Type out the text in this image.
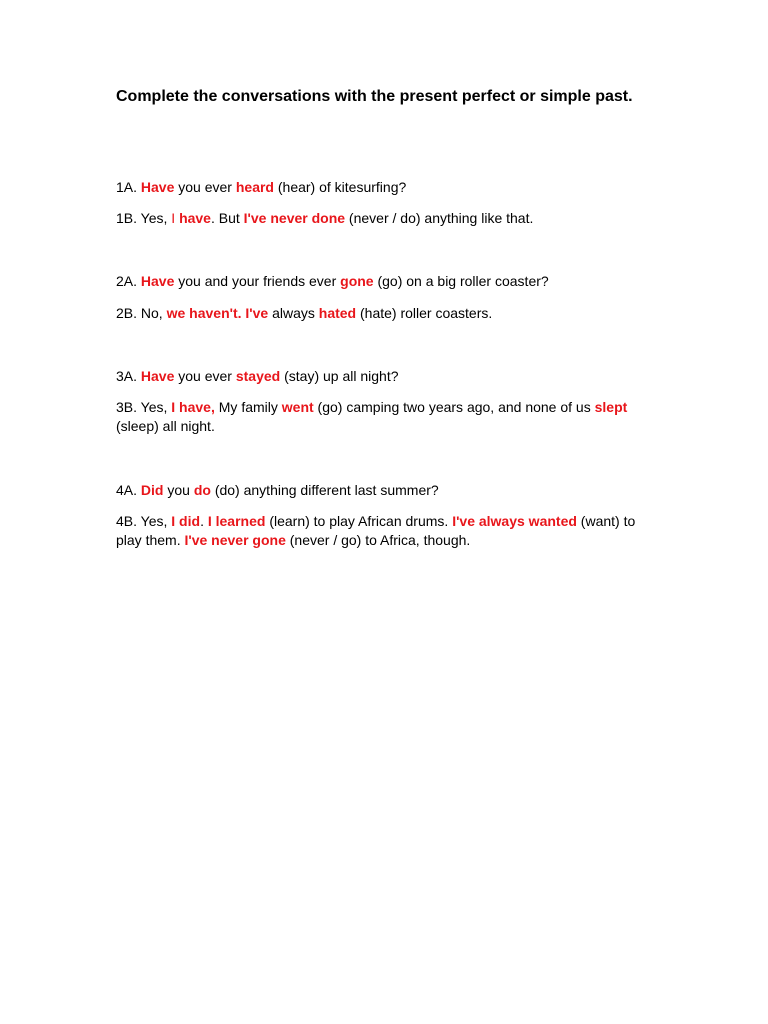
Complete the conversations with the present perfect or simple past.

1A. Have you ever heard (hear) of kitesurfing?

1B. Yes, I have. But I've never done (never / do) anything like that.

2A. Have you and your friends ever gone (go) on a big roller coaster?

2B. No, we haven't. I've always hated (hate) roller coasters.

3A. Have you ever stayed (stay) up all night?

3B. Yes, I have, My family went (go) camping two years ago, and none of us slept (sleep) all night.

4A. Did you do (do) anything different last summer?

4B. Yes, I did. I learned (learn) to play African drums. I've always wanted (want) to play them. I've never gone (never / go) to Africa, though.
